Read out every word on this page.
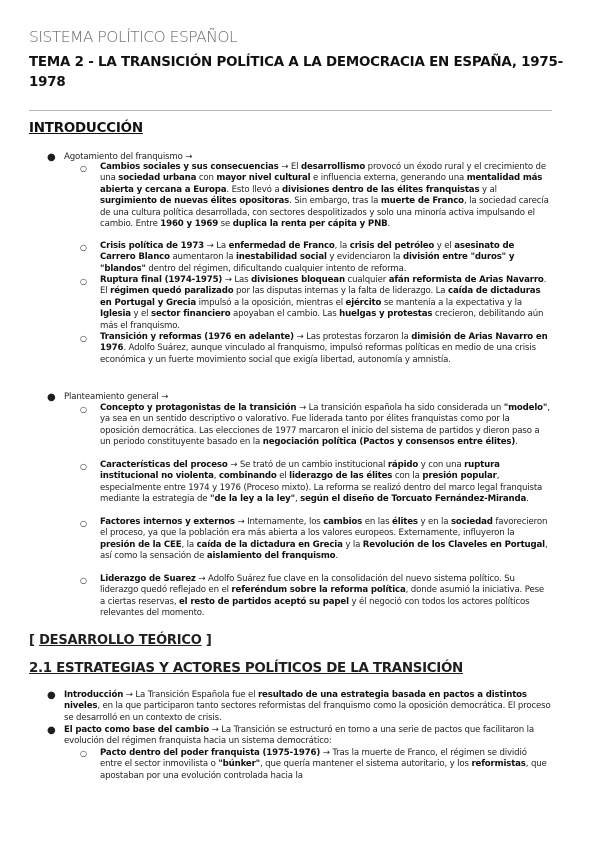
SISTEMA POLÍTICO ESPAÑOL
TEMA 2 - LA TRANSICIÓN POLÍTICA A LA DEMOCRACIA EN ESPAÑA, 1975-1978
INTRODUCCIÓN
● Agotamiento del franquismo →
○ Cambios sociales y sus consecuencias → El desarrollismo provocó un éxodo rural y el crecimiento de una sociedad urbana con mayor nivel cultural e influencia externa, generando una mentalidad más abierta y cercana a Europa. Esto llevó a divisiones dentro de las élites franquistas y al surgimiento de nuevas élites opositoras. Sin embargo, tras la muerte de Franco, la sociedad carecía de una cultura política desarrollada, con sectores despolitizados y solo una minoría activa impulsando el cambio. Entre 1960 y 1969 se duplica la renta per cápita y PNB.
○ Crisis política de 1973 → La enfermedad de Franco, la crisis del petróleo y el asesinato de Carrero Blanco aumentaron la inestabilidad social y evidenciaron la división entre "duros" y "blandos" dentro del régimen, dificultando cualquier intento de reforma.
○ Ruptura final (1974-1975) → Las divisiones bloquean cualquier afán reformista de Arias Navarro. El régimen quedó paralizado por las disputas internas y la falta de liderazgo. La caída de dictaduras en Portugal y Grecia impulsó a la oposición, mientras el ejército se mantenía a la expectativa y la Iglesia y el sector financiero apoyaban el cambio. Las huelgas y protestas crecieron, debilitando aún más el franquismo.
○ Transición y reformas (1976 en adelante) → Las protestas forzaron la dimisión de Arias Navarro en 1976. Adolfo Suárez, aunque vinculado al franquismo, impulsó reformas políticas en medio de una crisis económica y un fuerte movimiento social que exigía libertad, autonomía y amnistía.
● Planteamiento general →
○ Concepto y protagonistas de la transición → La transición española ha sido considerada un "modelo", ya sea en un sentido descriptivo o valorativo. Fue liderada tanto por élites franquistas como por la oposición democrática. Las elecciones de 1977 marcaron el inicio del sistema de partidos y dieron paso a un periodo constituyente basado en la negociación política (Pactos y consensos entre élites).
○ Características del proceso → Se trató de un cambio institucional rápido y con una ruptura institucional no violenta, combinando el liderazgo de las élites con la presión popular, especialmente entre 1974 y 1976 (Proceso mixto). La reforma se realizó dentro del marco legal franquista mediante la estrategia de "de la ley a la ley", según el diseño de Torcuato Fernández-Miranda.
○ Factores internos y externos → Internamente, los cambios en las élites y en la sociedad favorecieron el proceso, ya que la población era más abierta a los valores europeos. Externamente, influyeron la presión de la CEE, la caída de la dictadura en Grecia y la Revolución de los Claveles en Portugal, así como la sensación de aislamiento del franquismo.
○ Liderazgo de Suarez → Adolfo Suárez fue clave en la consolidación del nuevo sistema político. Su liderazgo quedó reflejado en el referéndum sobre la reforma política, donde asumió la iniciativa. Pese a ciertas reservas, el resto de partidos aceptó su papel y él negoció con todos los actores políticos relevantes del momento.
[ DESARROLLO TEÓRICO ]
2.1 ESTRATEGIAS Y ACTORES POLÍTICOS DE LA TRANSICIÓN
● Introducción → La Transición Española fue el resultado de una estrategia basada en pactos a distintos niveles, en la que participaron tanto sectores reformistas del franquismo como la oposición democrática. El proceso se desarrolló en un contexto de crisis.
● El pacto como base del cambio → La Transición se estructuró en torno a una serie de pactos que facilitaron la evolución del régimen franquista hacia un sistema democrático:
○ Pacto dentro del poder franquista (1975-1976) → Tras la muerte de Franco, el régimen se dividió entre el sector inmovilista o "búnker", que quería mantener el sistema autoritario, y los reformistas, que apostaban por una evolución controlada hacia la
